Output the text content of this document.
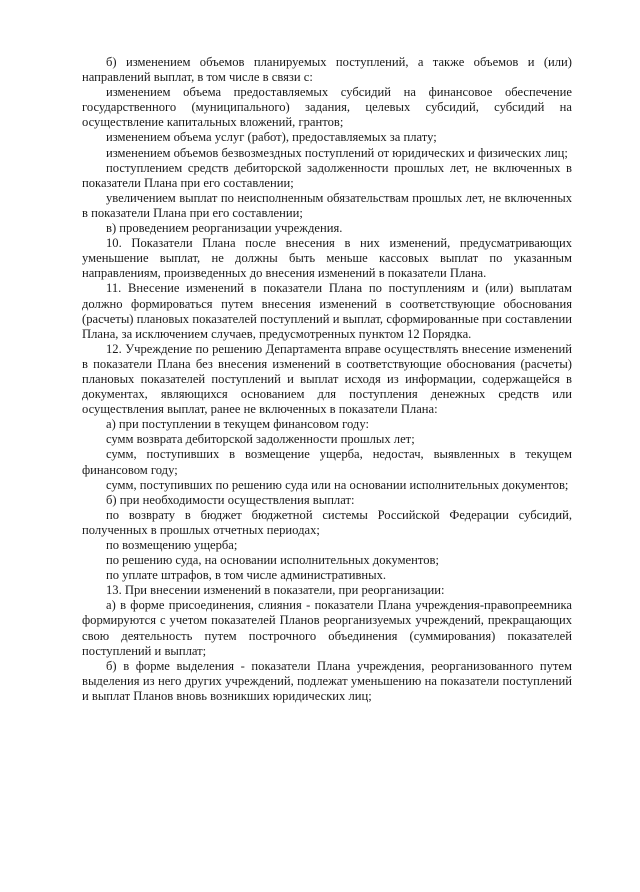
б) изменением объемов планируемых поступлений, а также объемов и (или) направлений выплат, в том числе в связи с:

изменением объема предоставляемых субсидий на финансовое обеспечение государственного (муниципального) задания, целевых субсидий, субсидий на осуществление капитальных вложений, грантов;

изменением объема услуг (работ), предоставляемых за плату;

изменением объемов безвозмездных поступлений от юридических и физических лиц;

поступлением средств дебиторской задолженности прошлых лет, не включенных в показатели Плана при его составлении;

увеличением выплат по неисполненным обязательствам прошлых лет, не включенных в показатели Плана при его составлении;

в) проведением реорганизации учреждения.

10. Показатели Плана после внесения в них изменений, предусматривающих уменьшение выплат, не должны быть меньше кассовых выплат по указанным направлениям, произведенных до внесения изменений в показатели Плана.

11. Внесение изменений в показатели Плана по поступлениям и (или) выплатам должно формироваться путем внесения изменений в соответствующие обоснования (расчеты) плановых показателей поступлений и выплат, сформированные при составлении Плана, за исключением случаев, предусмотренных пунктом 12 Порядка.

12. Учреждение по решению Департамента вправе осуществлять внесение изменений в показатели Плана без внесения изменений в соответствующие обоснования (расчеты) плановых показателей поступлений и выплат исходя из информации, содержащейся в документах, являющихся основанием для поступления денежных средств или осуществления выплат, ранее не включенных в показатели Плана:

а) при поступлении в текущем финансовом году:

сумм возврата дебиторской задолженности прошлых лет;

сумм, поступивших в возмещение ущерба, недостач, выявленных в текущем финансовом году;

сумм, поступивших по решению суда или на основании исполнительных документов;

б) при необходимости осуществления выплат:

по возврату в бюджет бюджетной системы Российской Федерации субсидий, полученных в прошлых отчетных периодах;

по возмещению ущерба;

по решению суда, на основании исполнительных документов;

по уплате штрафов, в том числе административных.

13. При внесении изменений в показатели, при реорганизации:

а) в форме присоединения, слияния - показатели Плана учреждения-правопреемника формируются с учетом показателей Планов реорганизуемых учреждений, прекращающих свою деятельность путем построчного объединения (суммирования) показателей поступлений и выплат;

б) в форме выделения - показатели Плана учреждения, реорганизованного путем выделения из него других учреждений, подлежат уменьшению на показатели поступлений и выплат Планов вновь возникших юридических лиц;
